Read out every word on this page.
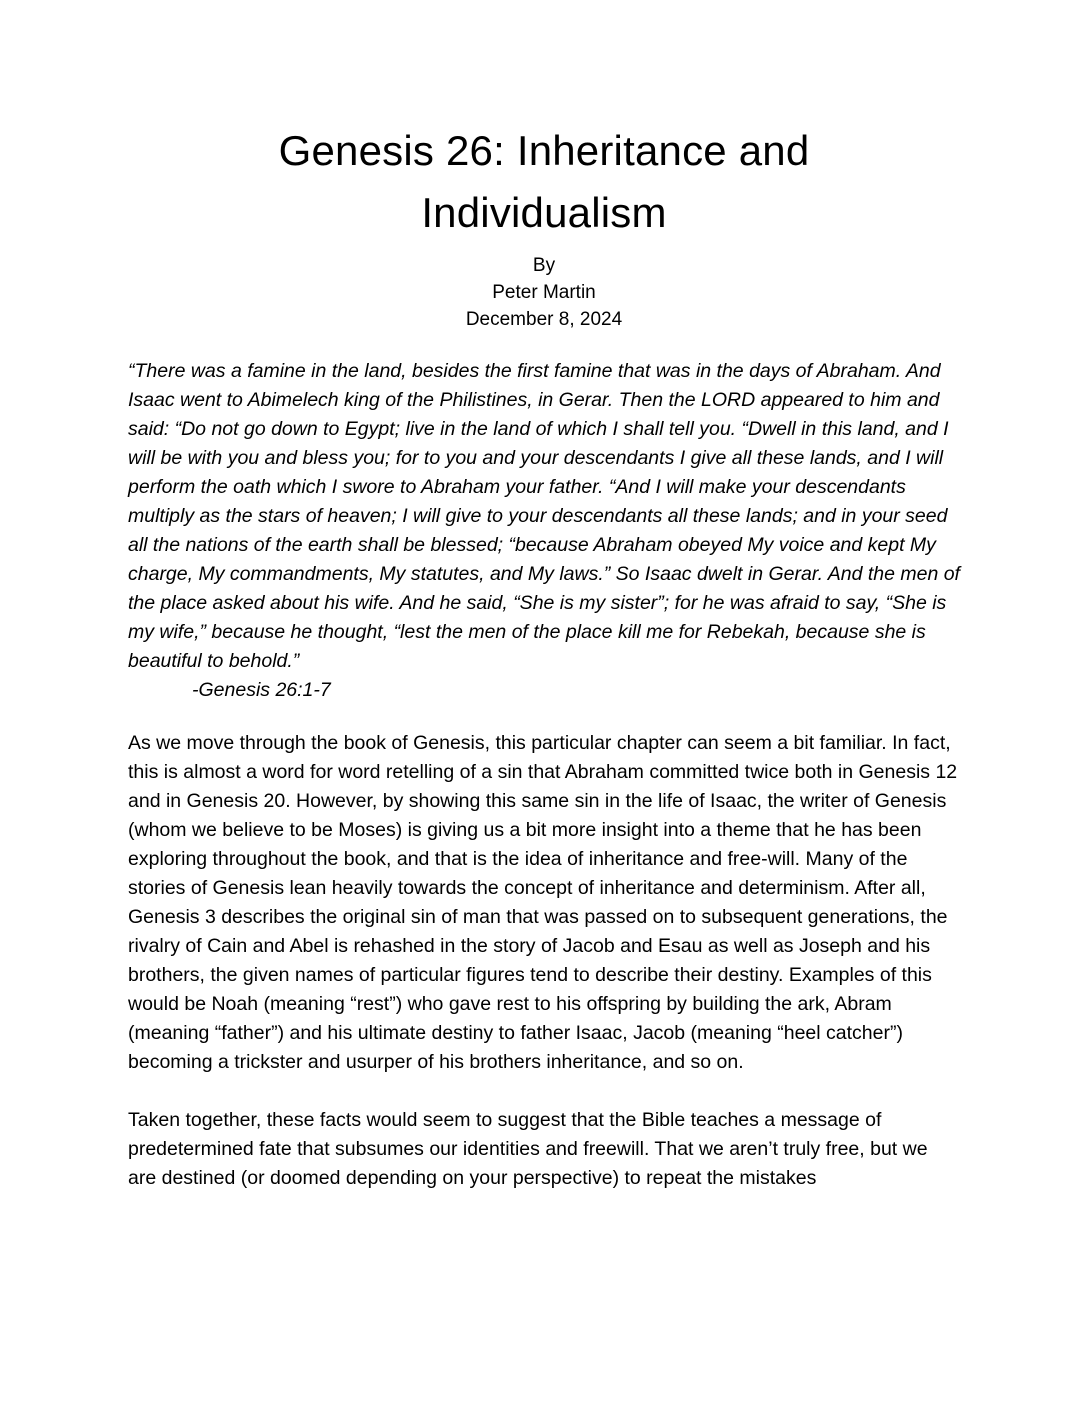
Genesis 26: Inheritance and Individualism
By
Peter Martin
December 8, 2024

“There was a famine in the land, besides the first famine that was in the days of Abraham. And Isaac went to Abimelech king of the Philistines, in Gerar. Then the LORD appeared to him and said: “Do not go down to Egypt; live in the land of which I shall tell you. “Dwell in this land, and I will be with you and bless you; for to you and your descendants I give all these lands, and I will perform the oath which I swore to Abraham your father. “And I will make your descendants multiply as the stars of heaven; I will give to your descendants all these lands; and in your seed all the nations of the earth shall be blessed; “because Abraham obeyed My voice and kept My charge, My commandments, My statutes, and My laws.” So Isaac dwelt in Gerar. And the men of the place asked about his wife. And he said, “She is my sister”; for he was afraid to say, “She is my wife,” because he thought, “lest the men of the place kill me for Rebekah, because she is beautiful to behold.”

-Genesis 26:1-7

As we move through the book of Genesis, this particular chapter can seem a bit familiar. In fact, this is almost a word for word retelling of a sin that Abraham committed twice both in Genesis 12 and in Genesis 20. However, by showing this same sin in the life of Isaac, the writer of Genesis (whom we believe to be Moses) is giving us a bit more insight into a theme that he has been exploring throughout the book, and that is the idea of inheritance and free-will. Many of the stories of Genesis lean heavily towards the concept of inheritance and determinism. After all, Genesis 3 describes the original sin of man that was passed on to subsequent generations, the rivalry of Cain and Abel is rehashed in the story of Jacob and Esau as well as Joseph and his brothers, the given names of particular figures tend to describe their destiny. Examples of this would be Noah (meaning “rest”) who gave rest to his offspring by building the ark, Abram (meaning “father”) and his ultimate destiny to father Isaac, Jacob (meaning “heel catcher”) becoming a trickster and usurper of his brothers inheritance, and so on.

Taken together, these facts would seem to suggest that the Bible teaches a message of predetermined fate that subsumes our identities and freewill. That we aren’t truly free, but we are destined (or doomed depending on your perspective) to repeat the mistakes
